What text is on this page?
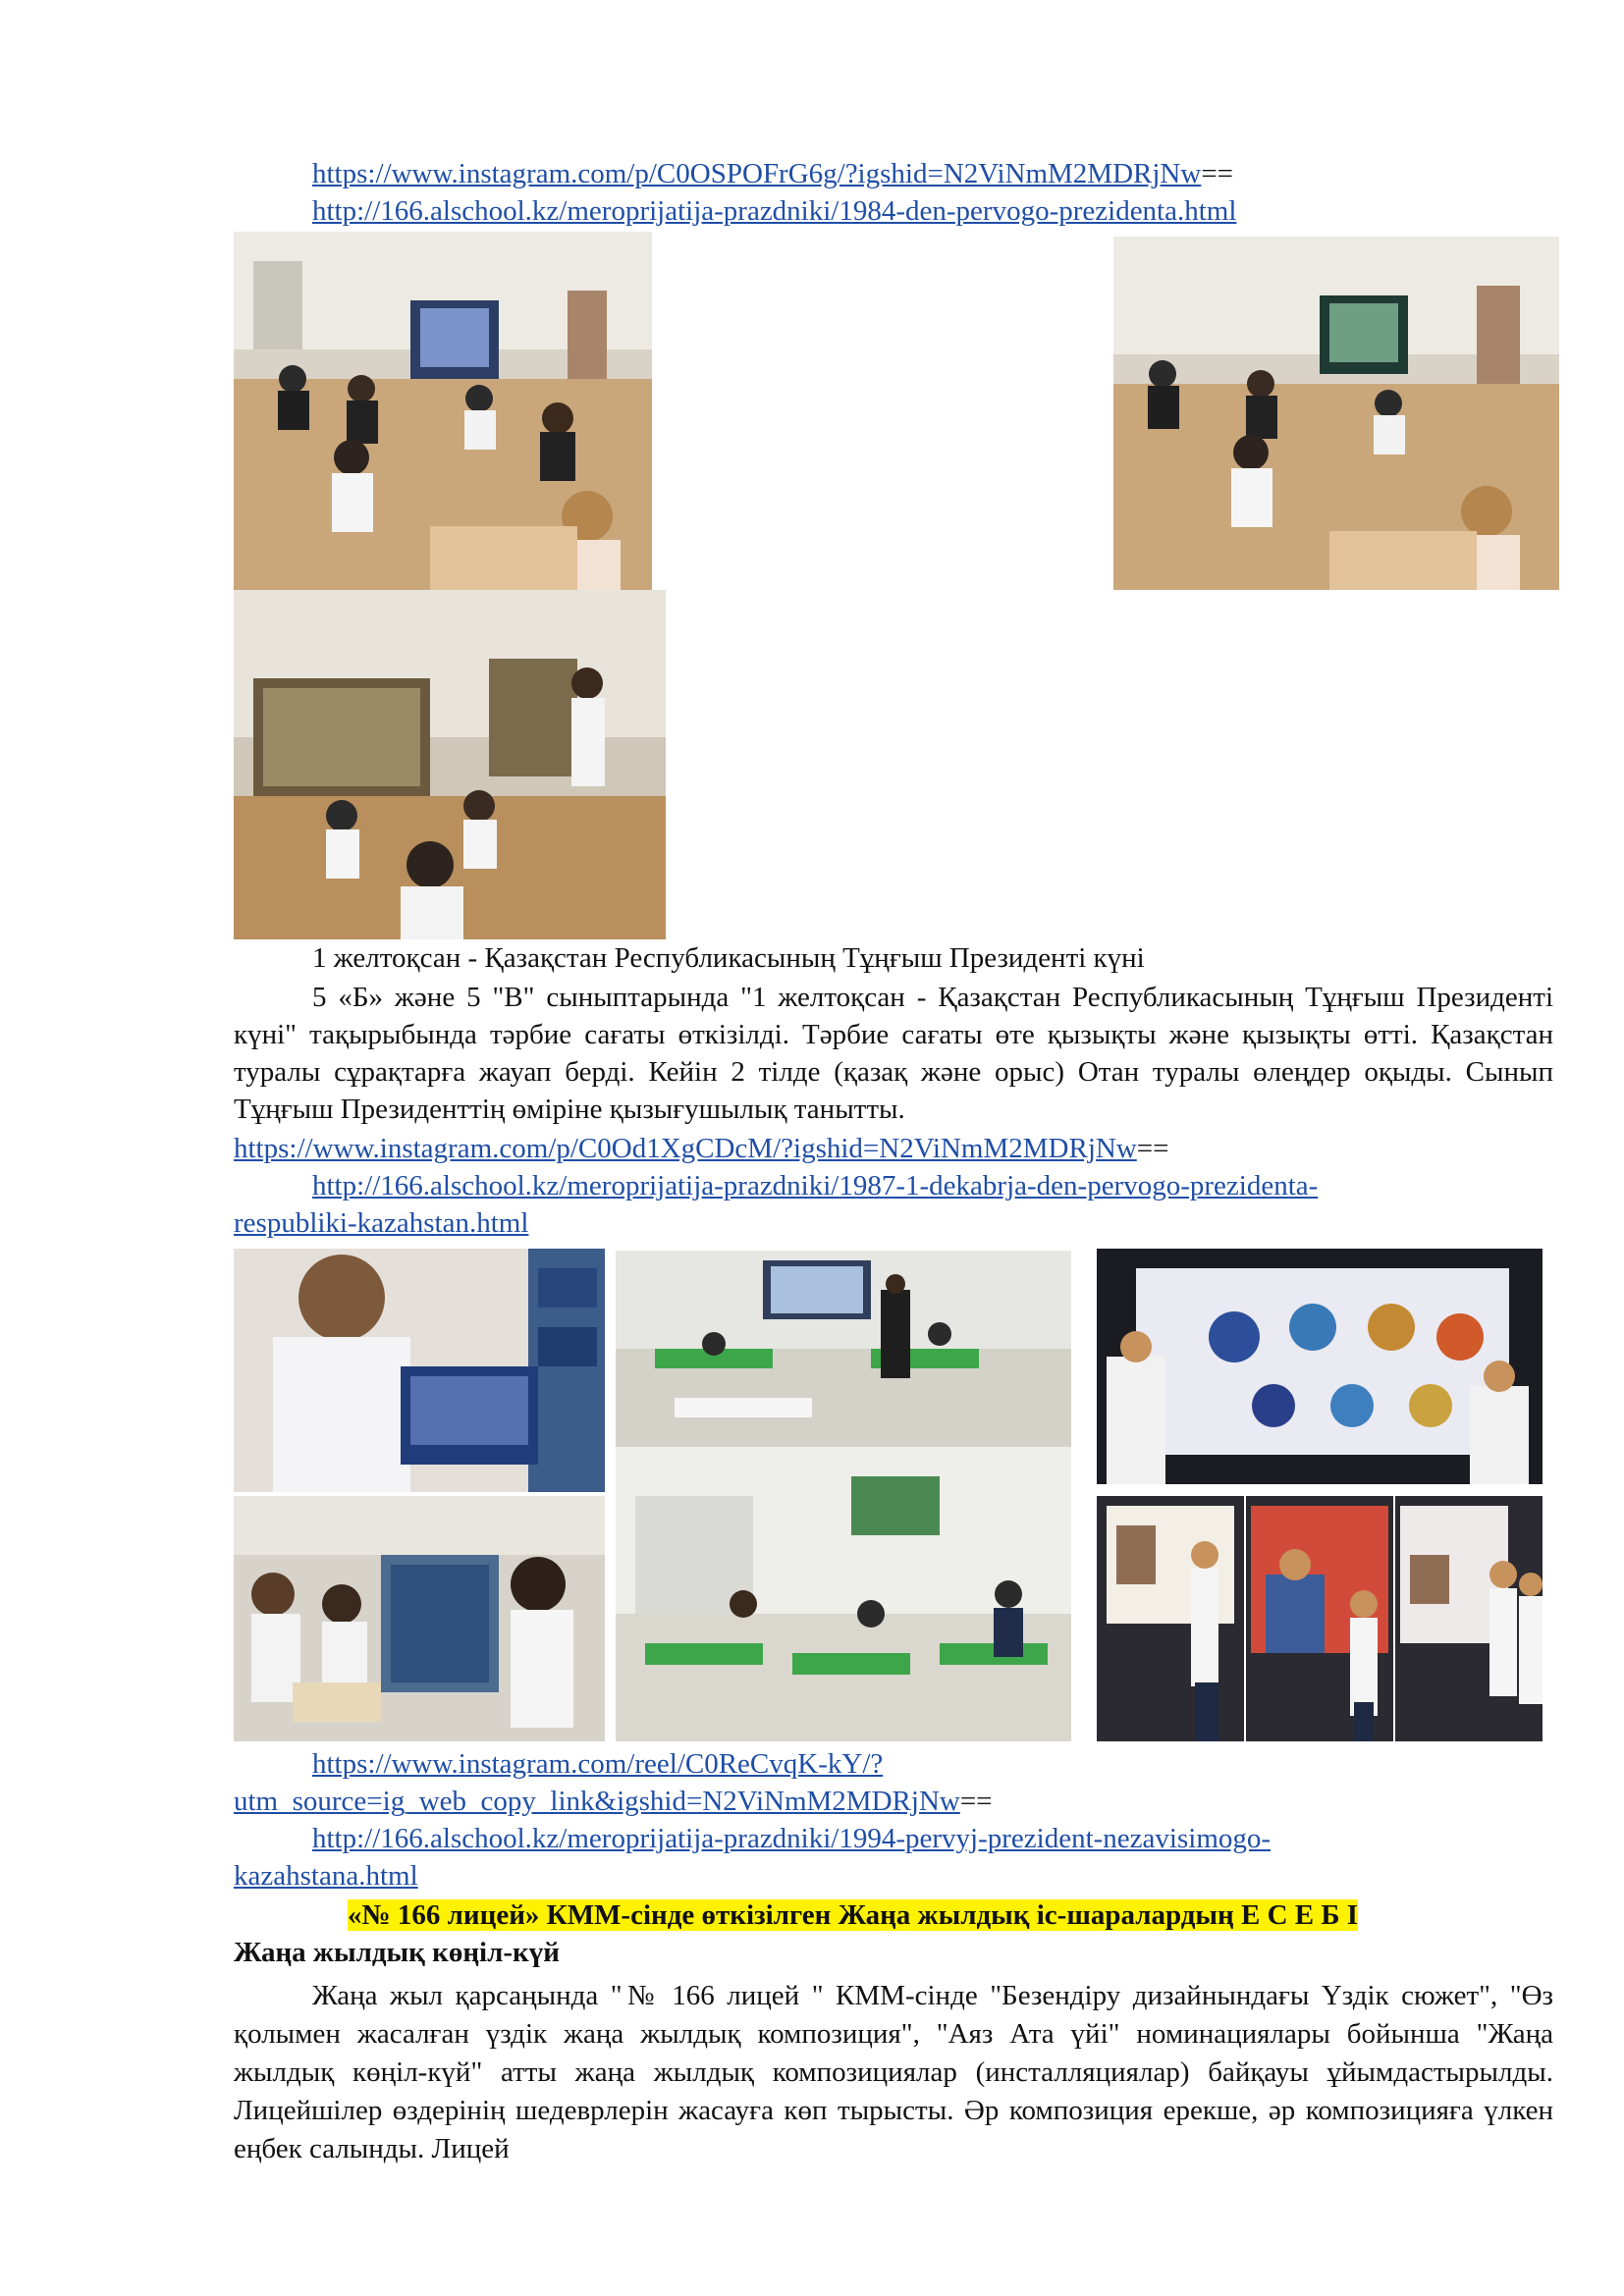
https://www.instagram.com/p/C0OSPOFrG6g/?igshid=N2ViNmM2MDRjNw==
http://166.alschool.kz/meroprijatija-prazdniki/1984-den-pervogo-prezidenta.html
1 желтоқсан - Қазақстан Республикасының Тұңғыш Президенті күні
5 «Б» және 5 "В" сыныптарында "1 желтоқсан - Қазақстан Республикасының Тұңғыш Президенті күні" тақырыбында тәрбие сағаты өткізілді. Тәрбие сағаты өте қызықты және қызықты өтті. Қазақстан туралы сұрақтарға жауап берді. Кейін 2 тілде (қазақ және орыс) Отан туралы өлеңдер оқыды. Сынып Тұңғыш Президенттің өміріне қызығушылық танытты.
https://www.instagram.com/p/C0Od1XgCDcM/?igshid=N2ViNmM2MDRjNw==
http://166.alschool.kz/meroprijatija-prazdniki/1987-1-dekabrja-den-pervogo-prezidenta-
respubliki-kazahstan.html
https://www.instagram.com/reel/C0ReCvqK-kY/?
utm_source=ig_web_copy_link&igshid=N2ViNmM2MDRjNw==
http://166.alschool.kz/meroprijatija-prazdniki/1994-pervyj-prezident-nezavisimogo-
kazahstana.html
«№ 166 лицей» КММ-сінде өткізілген Жаңа жылдық іс-шаралардың Е С Е Б І
Жаңа жылдық көңіл-күй
Жаңа жыл қарсаңында "№ 166 лицей " КММ-сінде "Безендіру дизайнындағы Үздік сюжет", "Өз қолымен жасалған үздік жаңа жылдық композиция", "Аяз Ата үйі" номинациялары бойынша "Жаңа жылдық көңіл-күй" атты жаңа жылдық композициялар (инсталляциялар) байқауы ұйымдастырылды. Лицейшілер өздерінің шедеврлерін жасауға көп тырысты. Әр композиция ерекше, әр композицияға үлкен еңбек салынды. Лицей
